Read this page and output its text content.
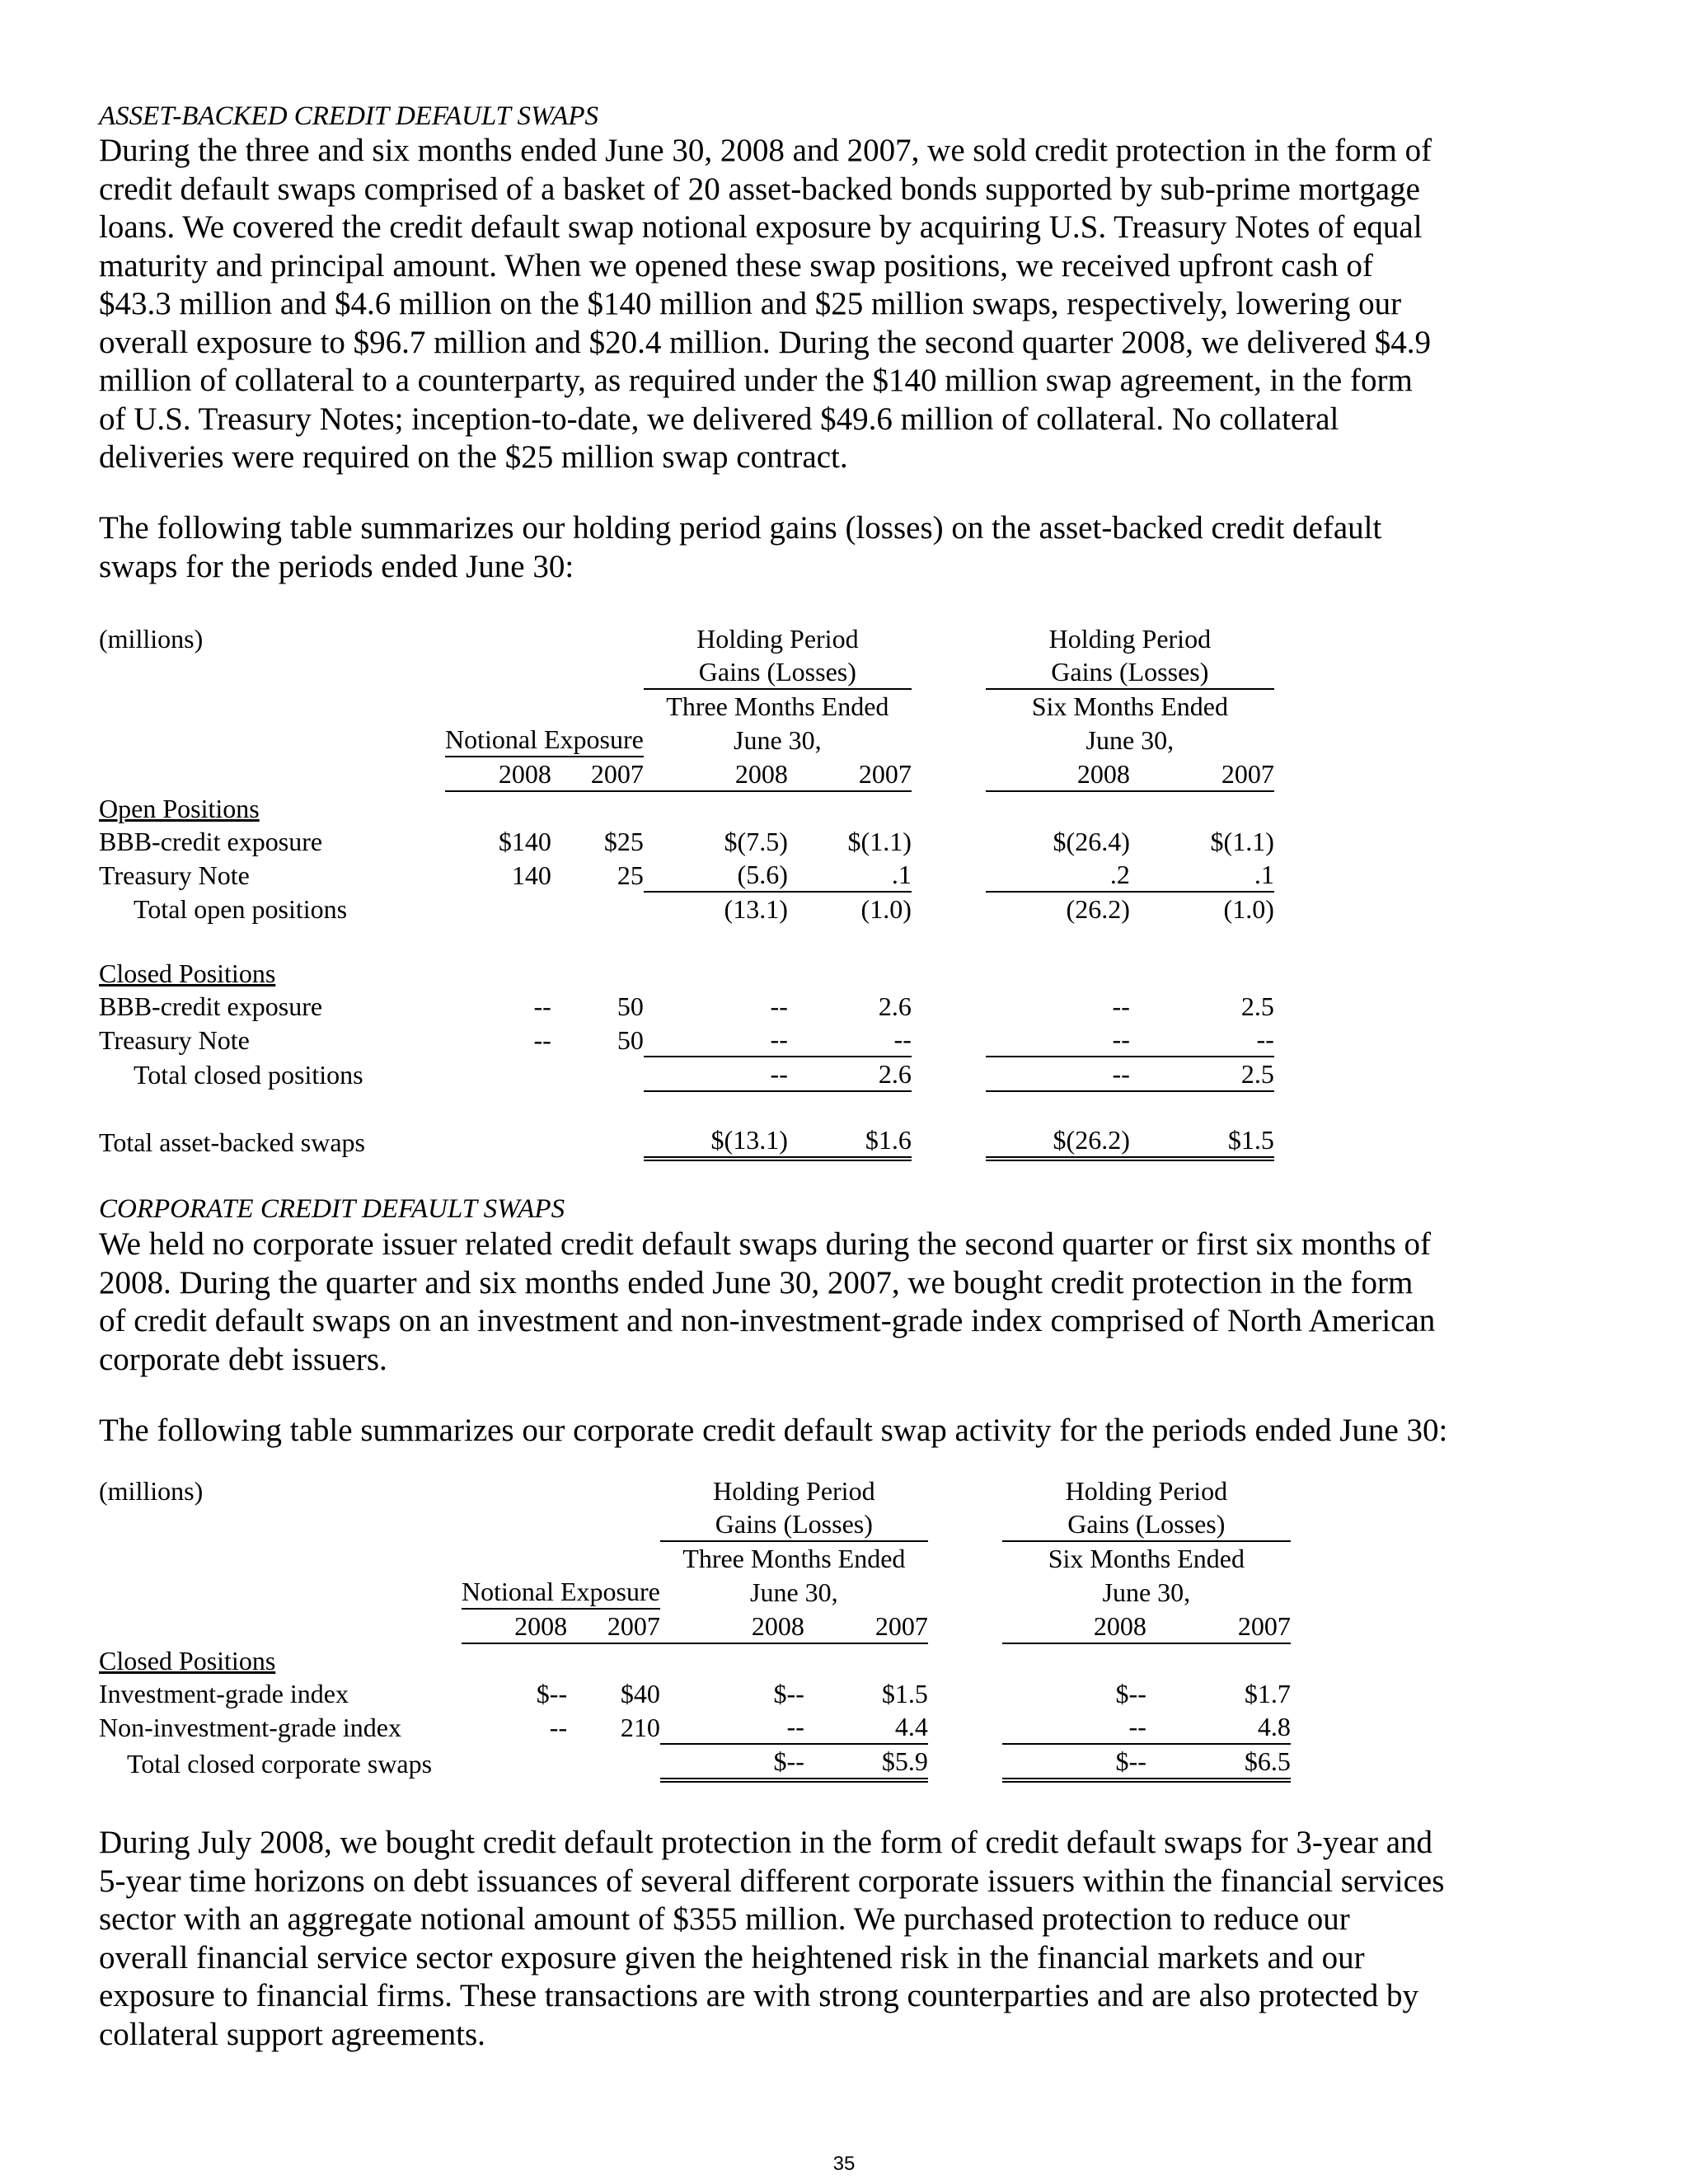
ASSET-BACKED CREDIT DEFAULT SWAPS
During the three and six months ended June 30, 2008 and 2007, we sold credit protection in the form of
credit default swaps comprised of a basket of 20 asset-backed bonds supported by sub-prime mortgage
loans. We covered the credit default swap notional exposure by acquiring U.S. Treasury Notes of equal
maturity and principal amount. When we opened these swap positions, we received upfront cash of
$43.3 million and $4.6 million on the $140 million and $25 million swaps, respectively, lowering our
overall exposure to $96.7 million and $20.4 million. During the second quarter 2008, we delivered $4.9
million of collateral to a counterparty, as required under the $140 million swap agreement, in the form
of U.S. Treasury Notes; inception-to-date, we delivered $49.6 million of collateral. No collateral
deliveries were required on the $25 million swap contract.
The following table summarizes our holding period gains (losses) on the asset-backed credit default
swaps for the periods ended June 30:
(millions)			Holding Period			Holding Period	
			Gains (Losses)			Gains (Losses)	
			Three Months Ended			Six Months Ended	
	Notional Exposure		June 30,			June 30,	
	2008	2007	2008	2007		2008	2007
Open Positions							
BBB-credit exposure	$140	$25	$(7.5)	$(1.1)		$(26.4)	$(1.1)
Treasury Note	140	25	(5.6)	.1		.2	.1
Total open positions			(13.1)	(1.0)		(26.2)	(1.0)

Closed Positions							
BBB-credit exposure	--	50	--	2.6		--	2.5
Treasury Note	--	50	--	--		--	--
Total closed positions			--	2.6		--	2.5

Total asset-backed swaps			$(13.1)	$1.6		$(26.2)	$1.5
CORPORATE CREDIT DEFAULT SWAPS
We held no corporate issuer related credit default swaps during the second quarter or first six months of
2008. During the quarter and six months ended June 30, 2007, we bought credit protection in the form
of credit default swaps on an investment and non-investment-grade index comprised of North American
corporate debt issuers.
The following table summarizes our corporate credit default swap activity for the periods ended June 30:
(millions)			Holding Period			Holding Period	
			Gains (Losses)			Gains (Losses)	
			Three Months Ended			Six Months Ended	
	Notional Exposure		June 30,			June 30,	
	2008	2007	2008	2007		2008	2007
Closed Positions							
Investment-grade index	$--	$40	$--	$1.5		$--	$1.7
Non-investment-grade index	--	210	--	4.4		--	4.8
Total closed corporate swaps			$--	$5.9		$--	$6.5
During July 2008, we bought credit default protection in the form of credit default swaps for 3-year and
5-year time horizons on debt issuances of several different corporate issuers within the financial services
sector with an aggregate notional amount of $355 million. We purchased protection to reduce our
overall financial service sector exposure given the heightened risk in the financial markets and our
exposure to financial firms. These transactions are with strong counterparties and are also protected by
collateral support agreements.
35
